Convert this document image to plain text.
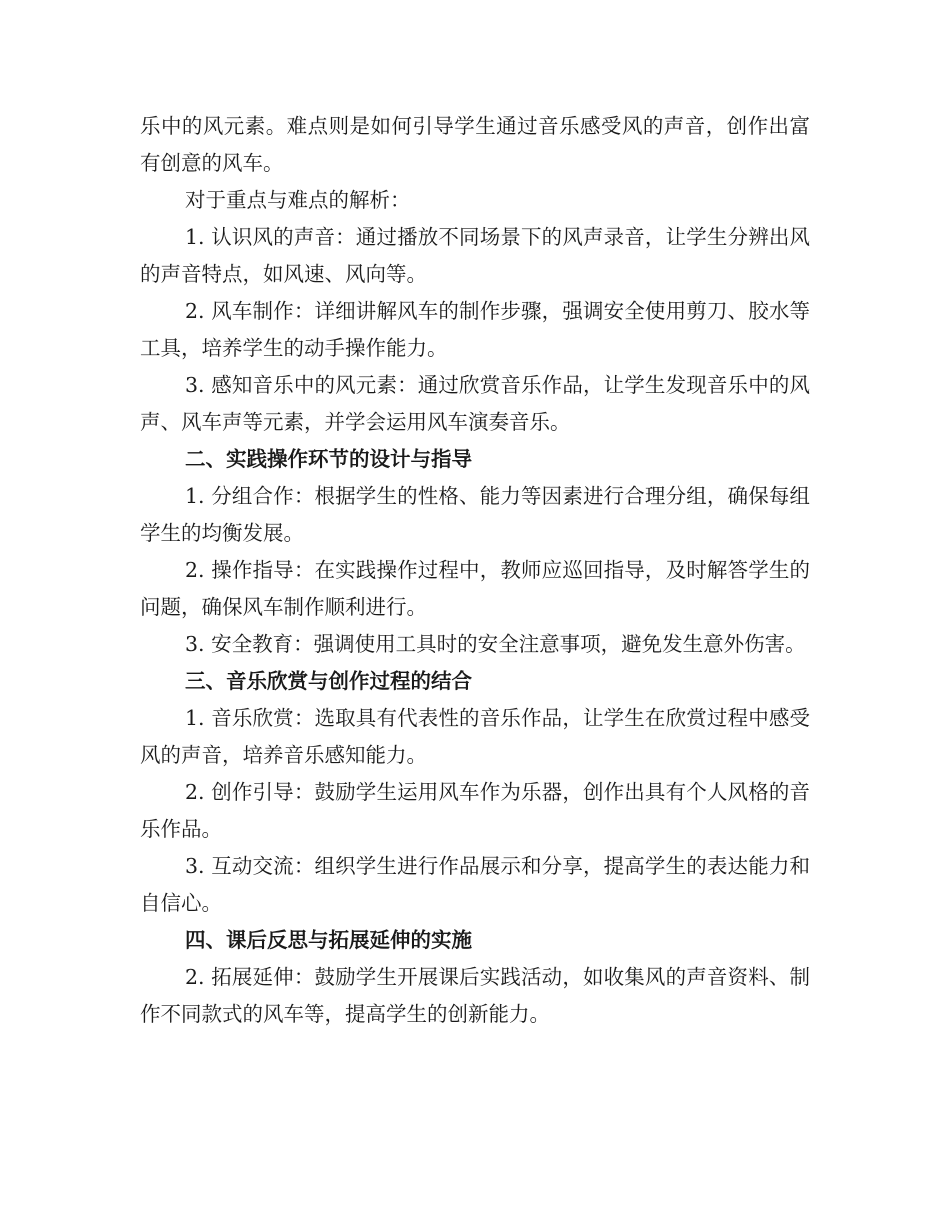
乐中的风元素。难点则是如何引导学生通过音乐感受风的声音，创作出富有创意的风车。

对于重点与难点的解析：

1. 认识风的声音：通过播放不同场景下的风声录音，让学生分辨出风的声音特点，如风速、风向等。

2. 风车制作：详细讲解风车的制作步骤，强调安全使用剪刀、胶水等工具，培养学生的动手操作能力。

3. 感知音乐中的风元素：通过欣赏音乐作品，让学生发现音乐中的风声、风车声等元素，并学会运用风车演奏音乐。

二、实践操作环节的设计与指导

1. 分组合作：根据学生的性格、能力等因素进行合理分组，确保每组学生的均衡发展。

2. 操作指导：在实践操作过程中，教师应巡回指导，及时解答学生的问题，确保风车制作顺利进行。

3. 安全教育：强调使用工具时的安全注意事项，避免发生意外伤害。

三、音乐欣赏与创作过程的结合

1. 音乐欣赏：选取具有代表性的音乐作品，让学生在欣赏过程中感受风的声音，培养音乐感知能力。

2. 创作引导：鼓励学生运用风车作为乐器，创作出具有个人风格的音乐作品。

3. 互动交流：组织学生进行作品展示和分享，提高学生的表达能力和自信心。

四、课后反思与拓展延伸的实施

2. 拓展延伸：鼓励学生开展课后实践活动，如收集风的声音资料、制作不同款式的风车等，提高学生的创新能力。
